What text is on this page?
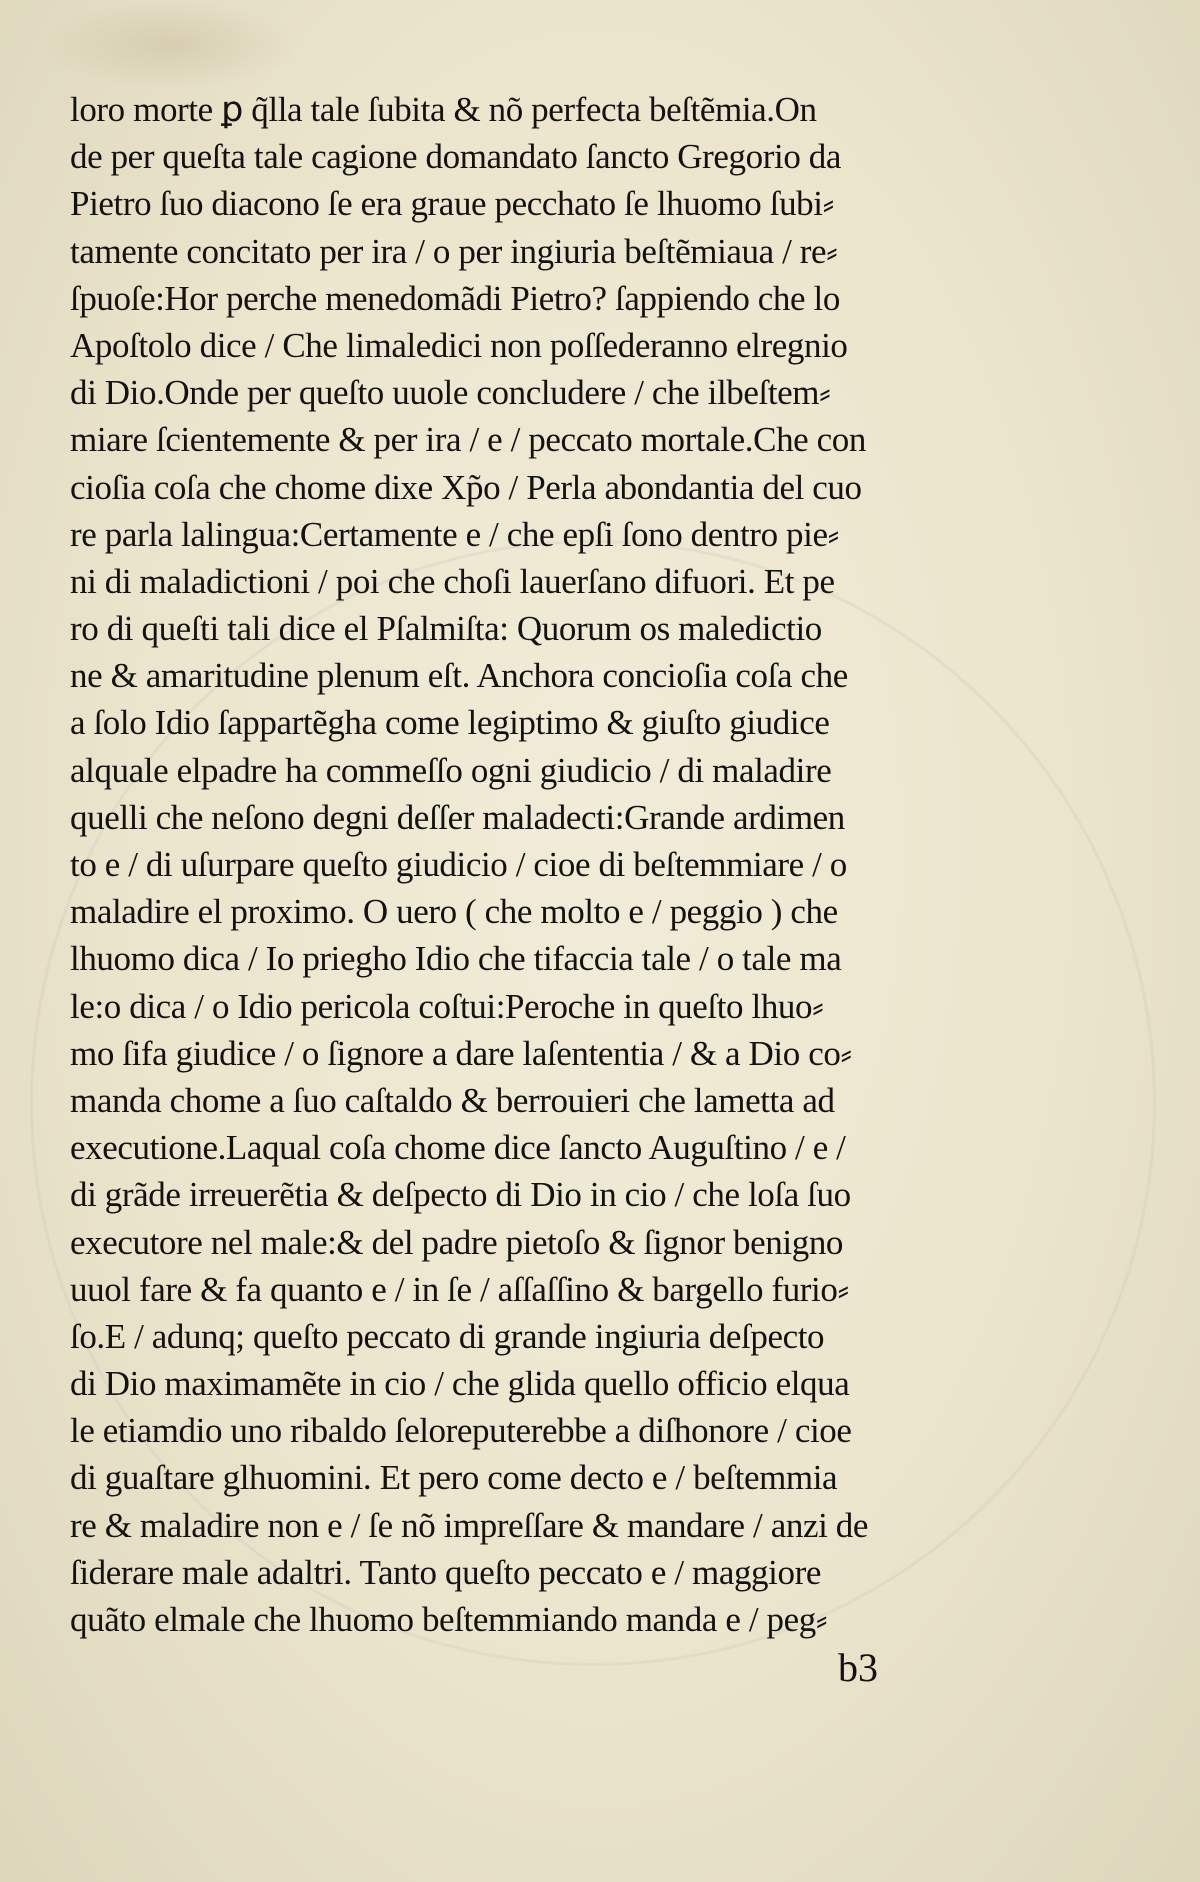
loro morte ꝑ q̃lla tale ſubita & nõ perfecta beſtẽmia.On
de per queſta tale cagione domandato ſancto Gregorio da
Pietro ſuo diacono ſe era graue pecchato ſe lhuomo ſubi⸗
tamente concitato per ira / o per ingiuria beſtẽmiaua / re⸗
ſpuoſe:Hor perche menedomãdi Pietro? ſappiendo che lo
Apoſtolo dice / Che limaledici non poſſederanno elregnio
di Dio.Onde per queſto uuole concludere / che ilbeſtem⸗
miare ſcientemente & per ira / e / peccato mortale.Che con
cioſia coſa che chome dixe Xp̃o / Perla abondantia del cuo
re parla lalingua:Certamente e / che epſi ſono dentro pie⸗
ni di maladictioni / poi che choſi lauerſano difuori. Et pe
ro di queſti tali dice el Pſalmiſta: Quorum os maledictio
ne & amaritudine plenum eſt. Anchora concioſia coſa che
a ſolo Idio ſappartẽgha come legiptimo & giuſto giudice
alquale elpadre ha commeſſo ogni giudicio / di maladire
quelli che neſono degni deſſer maladecti:Grande ardimen
to e / di uſurpare queſto giudicio / cioe di beſtemmiare / o
maladire el proximo. O uero ( che molto e / peggio ) che
lhuomo dica / Io prieghо Idio che tifaccia tale / o tale ma
le:o dica / o Idio pericola coſtui:Peroche in queſto lhuo⸗
mo ſifa giudice / o ſignore a dare laſententia / & a Dio co⸗
manda chome a ſuo caſtaldo & berrouieri che lametta ad
executione.Laqual coſa chome dice ſancto Auguſtino / e /
di grãde irreuerẽtia & deſpecto di Dio in cio / che loſa ſuo
executore nel male:& del padre pietoſo & ſignor benigno
uuol fare & fa quanto e / in ſe / aſſaſſino & bargello furio⸗
ſo.E / adunq; queſto peccato di grande ingiuria deſpecto
di Dio maximamẽte in cio / che glida quello officio elqua
le etiamdio uno ribaldo ſeloreputerebbe a diſhonore / cioe
di guaſtare glhuomini. Et pero come decto e / beſtemmia
re & maladire non e / ſe nõ impreſſare & mandare / anzi de
ſiderare male adaltri. Tanto queſto peccato e / maggiore
quãto elmale che lhuomo beſtemmiando manda e / peg⸗
b3
